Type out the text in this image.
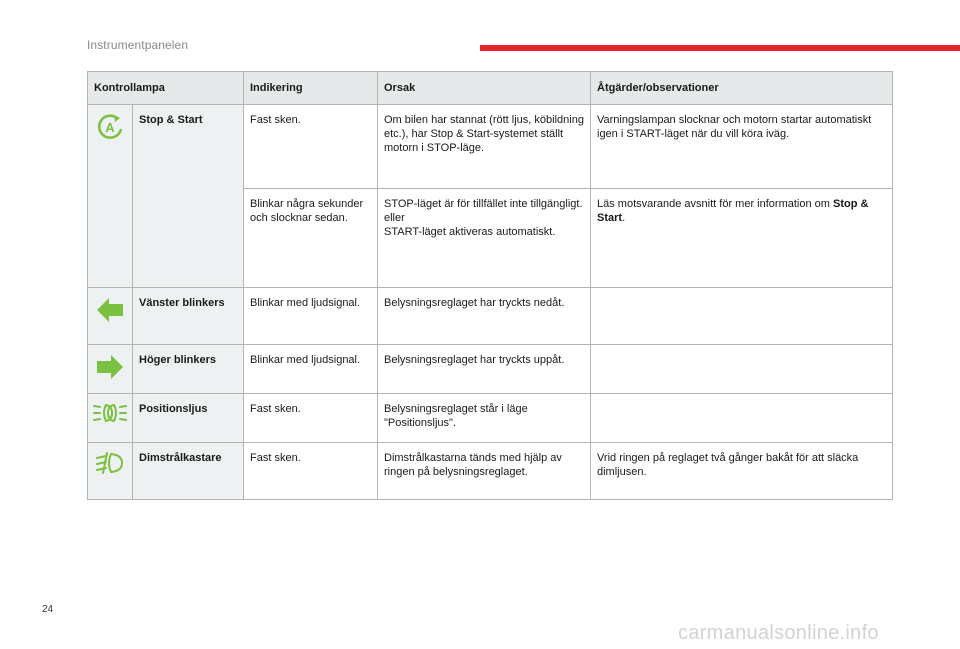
Instrumentpanelen
Kontrollampa		Indikering	Orsak	Åtgärder/observationer

A	Stop & Start	Fast sken.	Om bilen har stannat (rött ljus, köbildning etc.), har Stop & Start-systemet ställt motorn i STOP-läge.	Varningslampan slocknar och motorn startar automatiskt igen i START-läget när du vill köra iväg.
		Blinkar några sekunder och slocknar sedan.	STOP-läget är för tillfället inte tillgängligt.
eller
START-läget aktiveras automatiskt.	Läs motsvarande avsnitt för mer information om Stop & Start.
	Vänster blinkers	Blinkar med ljudsignal.	Belysningsreglaget har tryckts nedåt.	
	Höger blinkers	Blinkar med ljudsignal.	Belysningsreglaget har tryckts uppåt.	
	Positionsljus	Fast sken.	Belysningsreglaget står i läge "Positionsljus".	
	Dimstrålkastare	Fast sken.	Dimstrålkastarna tänds med hjälp av ringen på belysningsreglaget.	Vrid ringen på reglaget två gånger bakåt för att släcka dimljusen.
24
carmanualsonline.info
